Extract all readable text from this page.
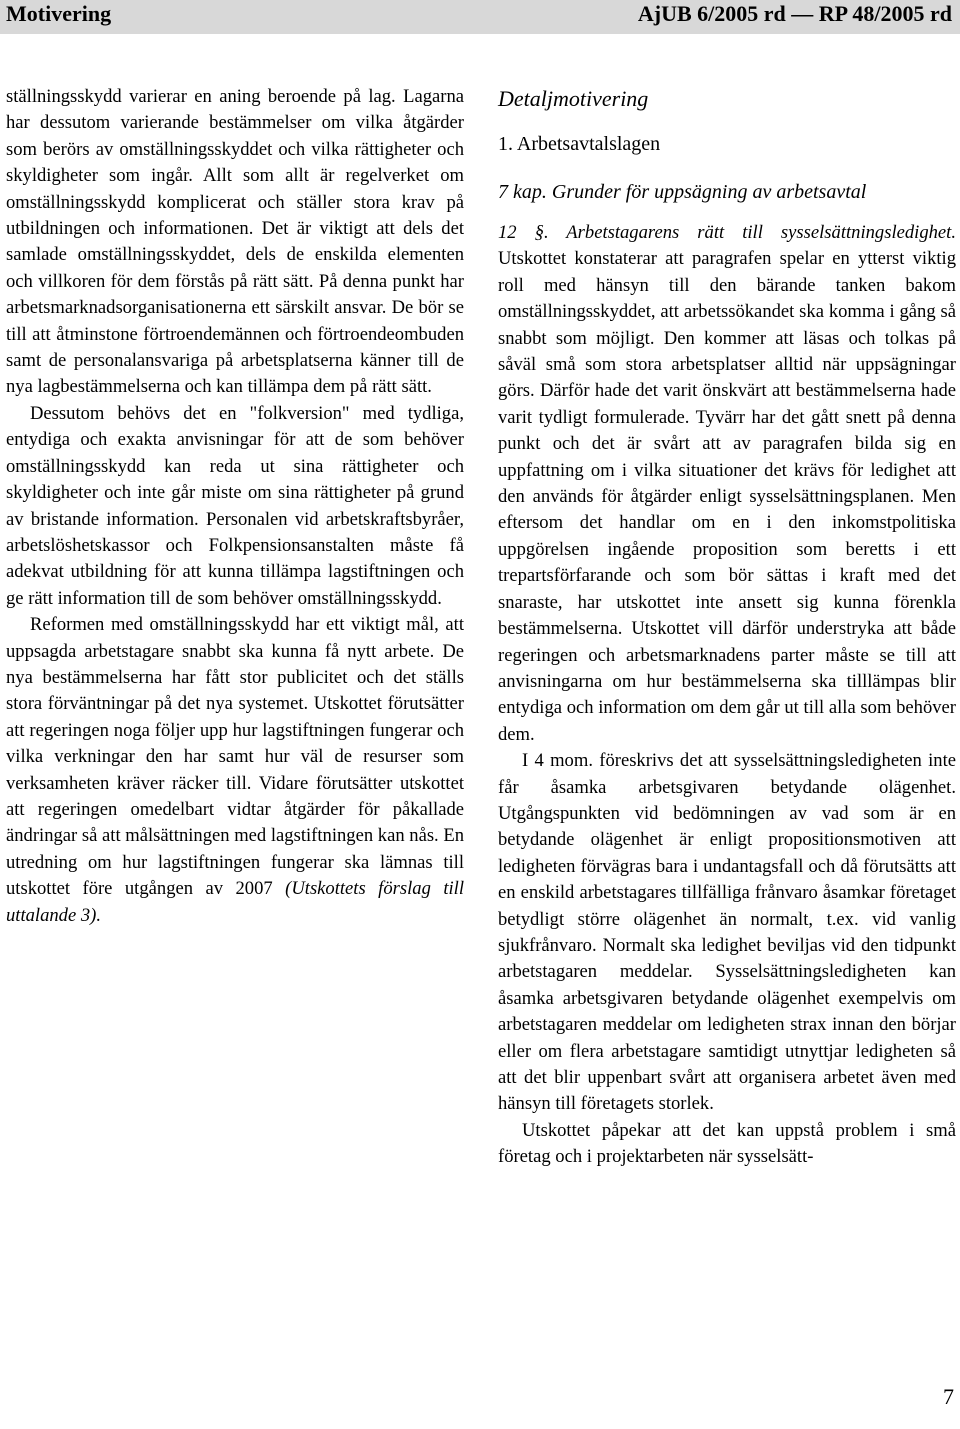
Motivering	AjUB 6/2005 rd — RP 48/2005 rd

ställningsskydd varierar en aning beroende på lag. Lagarna har dessutom varierande bestämmelser om vilka åtgärder som berörs av omställningsskyddet och vilka rättigheter och skyldigheter som ingår. Allt som allt är regelverket om omställningsskydd komplicerat och ställer stora krav på utbildningen och informationen. Det är viktigt att dels det samlade omställningsskyddet, dels de enskilda elementen och villkoren för dem förstås på rätt sätt. På denna punkt har arbetsmarknadsorganisationerna ett särskilt ansvar. De bör se till att åtminstone förtroendemännen och förtroendeombuden samt de personalansvariga på arbetsplatserna känner till de nya lagbestämmelserna och kan tillämpa dem på rätt sätt.

Dessutom behövs det en "folkversion" med tydliga, entydiga och exakta anvisningar för att de som behöver omställningsskydd kan reda ut sina rättigheter och skyldigheter och inte går miste om sina rättigheter på grund av bristande information. Personalen vid arbetskraftsbyråer, arbetslöshetskassor och Folkpensionsanstalten måste få adekvat utbildning för att kunna tillämpa lagstiftningen och ge rätt information till de som behöver omställningsskydd.

Reformen med omställningsskydd har ett viktigt mål, att uppsagda arbetstagare snabbt ska kunna få nytt arbete. De nya bestämmelserna har fått stor publicitet och det ställs stora förväntningar på det nya systemet. Utskottet förutsätter att regeringen noga följer upp hur lagstiftningen fungerar och vilka verkningar den har samt hur väl de resurser som verksamheten kräver räcker till. Vidare förutsätter utskottet att regeringen omedelbart vidtar åtgärder för påkallade ändringar så att målsättningen med lagstiftningen kan nås. En utredning om hur lagstiftningen fungerar ska lämnas till utskottet före utgången av 2007 (Utskottets förslag till uttalande 3).

Detaljmotivering
1. Arbetsavtalslagen
7 kap. Grunder för uppsägning av arbetsavtal

12 §. Arbetstagarens rätt till sysselsättningsledighet. Utskottet konstaterar att paragrafen spelar en ytterst viktig roll med hänsyn till den bärande tanken bakom omställningsskyddet, att arbetssökandet ska komma i gång så snabbt som möjligt. Den kommer att läsas och tolkas på såväl små som stora arbetsplatser alltid när uppsägningar görs. Därför hade det varit önskvärt att bestämmelserna hade varit tydligt formulerade. Tyvärr har det gått snett på denna punkt och det är svårt att av paragrafen bilda sig en uppfattning om i vilka situationer det krävs för ledighet att den används för åtgärder enligt sysselsättningsplanen. Men eftersom det handlar om en i den inkomstpolitiska uppgörelsen ingående proposition som beretts i ett trepartsförfarande och som bör sättas i kraft med det snaraste, har utskottet inte ansett sig kunna förenkla bestämmelserna. Utskottet vill därför understryka att både regeringen och arbetsmarknadens parter måste se till att anvisningarna om hur bestämmelserna ska tilllämpas blir entydiga och information om dem går ut till alla som behöver dem.

I 4 mom. föreskrivs det att sysselsättningsledigheten inte får åsamka arbetsgivaren betydande olägenhet. Utgångspunkten vid bedömningen av vad som är en betydande olägenhet är enligt propositionsmotiven att ledigheten förvägras bara i undantagsfall och då förutsätts att en enskild arbetstagares tillfälliga frånvaro åsamkar företaget betydligt större olägenhet än normalt, t.ex. vid vanlig sjukfrånvaro. Normalt ska ledighet beviljas vid den tidpunkt arbetstagaren meddelar. Sysselsättningsledigheten kan åsamka arbetsgivaren betydande olägenhet exempelvis om arbetstagaren meddelar om ledigheten strax innan den börjar eller om flera arbetstagare samtidigt utnyttjar ledigheten så att det blir uppenbart svårt att organisera arbetet även med hänsyn till företagets storlek.

Utskottet påpekar att det kan uppstå problem i små företag och i projektarbeten när sysselsätt-

7
